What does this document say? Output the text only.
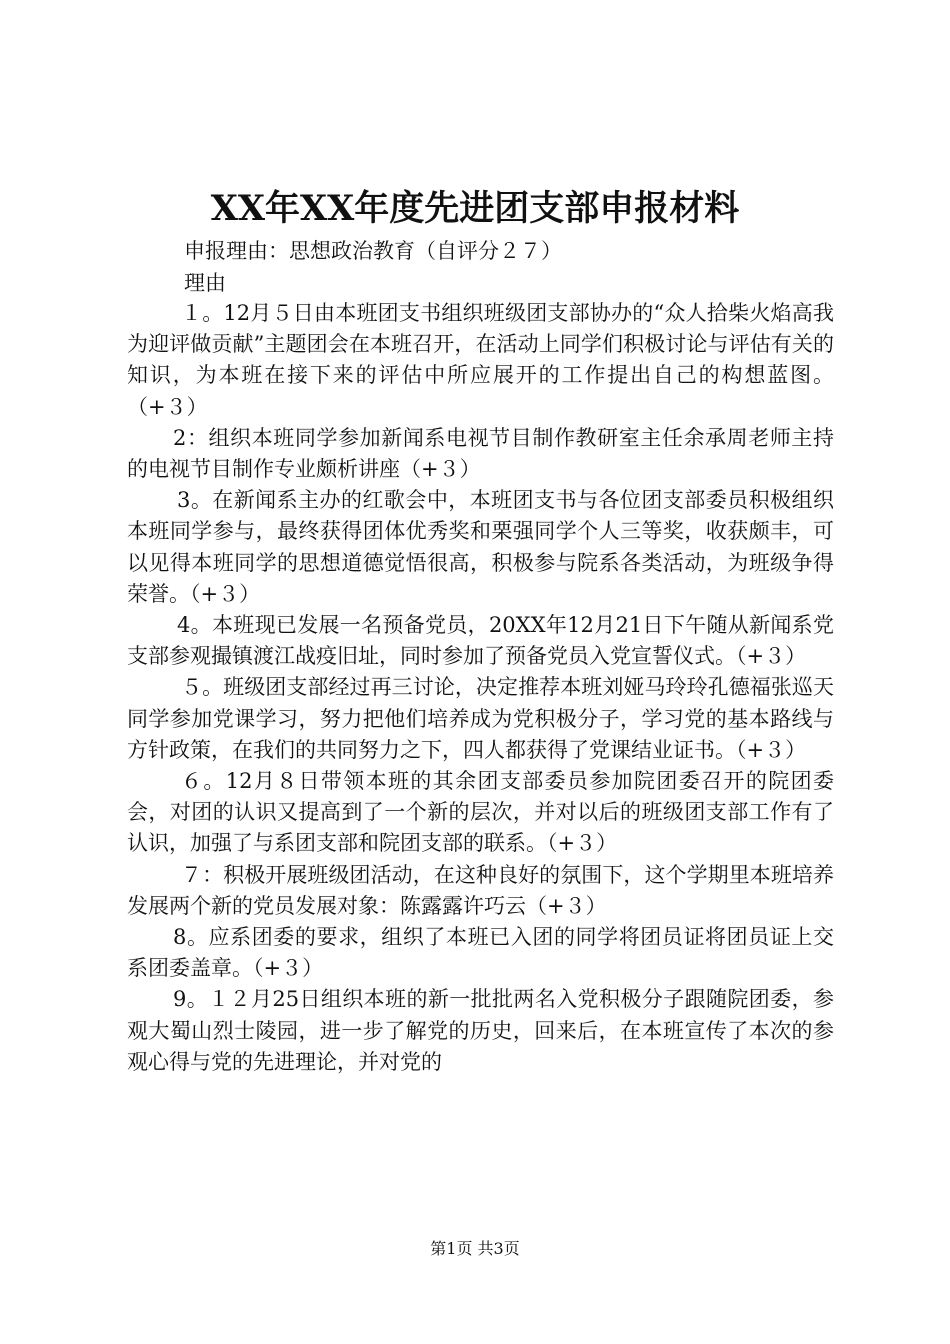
XX年XX年度先进团支部申报材料
申报理由：思想政治教育（自评分２７）
理由

１。12月５日由本班团支书组织班级团支部协办的“众人拾柴火焰高我为迎评做贡献”主题团会在本班召开，在活动上同学们积极讨论与评估有关的知识，为本班在接下来的评估中所应展开的工作提出自己的构想蓝图。（+３）

2：组织本班同学参加新闻系电视节目制作教研室主任余承周老师主持的电视节目制作专业颇析讲座（+３）

3。在新闻系主办的红歌会中，本班团支书与各位团支部委员积极组织本班同学参与，最终获得团体优秀奖和栗强同学个人三等奖，收获颇丰，可以见得本班同学的思想道德觉悟很高，积极参与院系各类活动，为班级争得荣誉。（+３）

4。本班现已发展一名预备党员，20XX年12月21日下午随从新闻系党支部参观撮镇渡江战疫旧址，同时参加了预备党员入党宣誓仪式。（+３）

５。班级团支部经过再三讨论，决定推荐本班刘娅马玲玲孔德福张巡天同学参加党课学习，努力把他们培养成为党积极分子，学习党的基本路线与方针政策，在我们的共同努力之下，四人都获得了党课结业证书。（+３）

６。12月８日带领本班的其余团支部委员参加院团委召开的院团委会，对团的认识又提高到了一个新的层次，并对以后的班级团支部工作有了认识，加强了与系团支部和院团支部的联系。（+３）

７：积极开展班级团活动，在这种良好的氛围下，这个学期里本班培养发展两个新的党员发展对象：陈露露许巧云（+３）

8。应系团委的要求，组织了本班已入团的同学将团员证将团员证上交系团委盖章。（+３）

9。１２月25日组织本班的新一批批两名入党积极分子跟随院团委，参观大蜀山烈士陵园，进一步了解党的历史，回来后，在本班宣传了本次的参观心得与党的先进理论，并对党的

第1页 共3页
